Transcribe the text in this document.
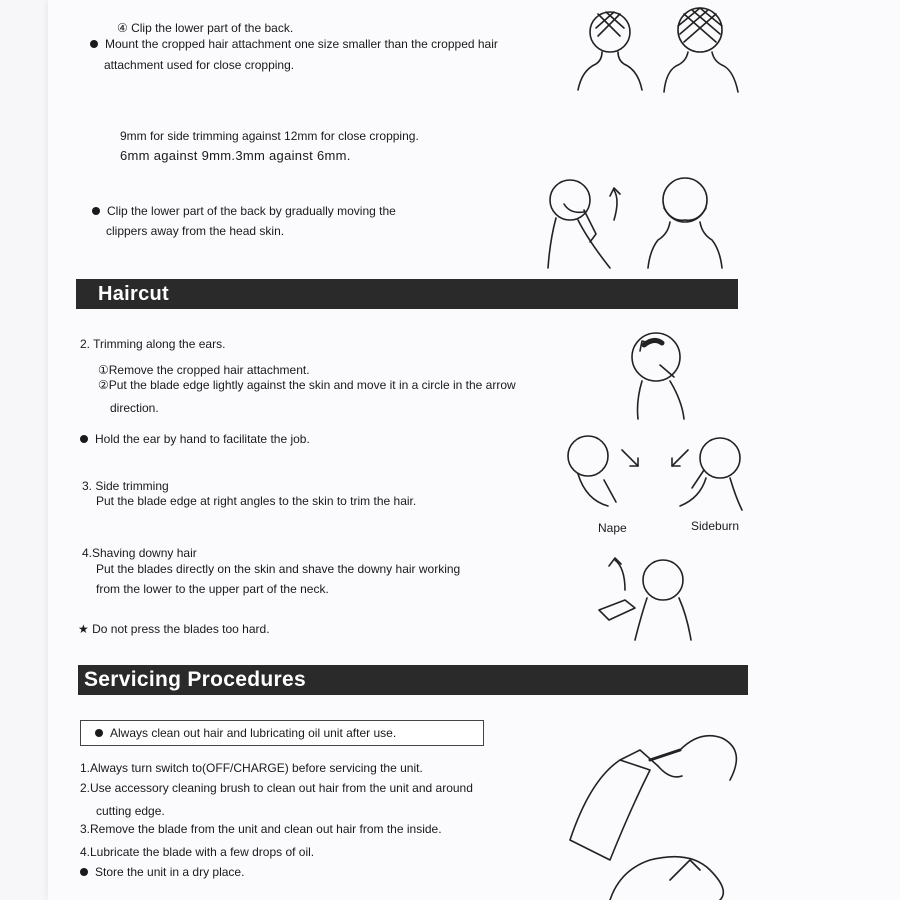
④ Clip the lower part of the back.
Mount the cropped hair attachment one size smaller than the cropped hair
attachment used for close cropping.
9mm for side trimming against 12mm for close cropping.
6mm against 9mm.3mm against 6mm.
Clip the lower part of the back by gradually moving the
clippers away from the head skin.
Haircut
2. Trimming along the ears.
①Remove the cropped hair attachment.
②Put the blade edge lightly against the skin and move it in a circle in the arrow
direction.
Hold the ear by hand to facilitate the job.
3. Side trimming
Put the blade edge at right angles to the skin to trim the hair.
Nape	Sideburn
4.Shaving downy hair
Put the blades directly on the skin and shave the downy hair working
from the lower to the upper part of the neck.
★ Do not press the blades too hard.
Servicing Procedures
Always clean out hair and lubricating oil unit after use.
1.Always turn switch to(OFF/CHARGE) before servicing the unit.
2.Use accessory cleaning brush to clean out hair from the unit and around
cutting edge.
3.Remove the blade from the unit and clean out hair from the inside.
4.Lubricate the blade with a few drops of oil.
Store the unit in a dry place.
